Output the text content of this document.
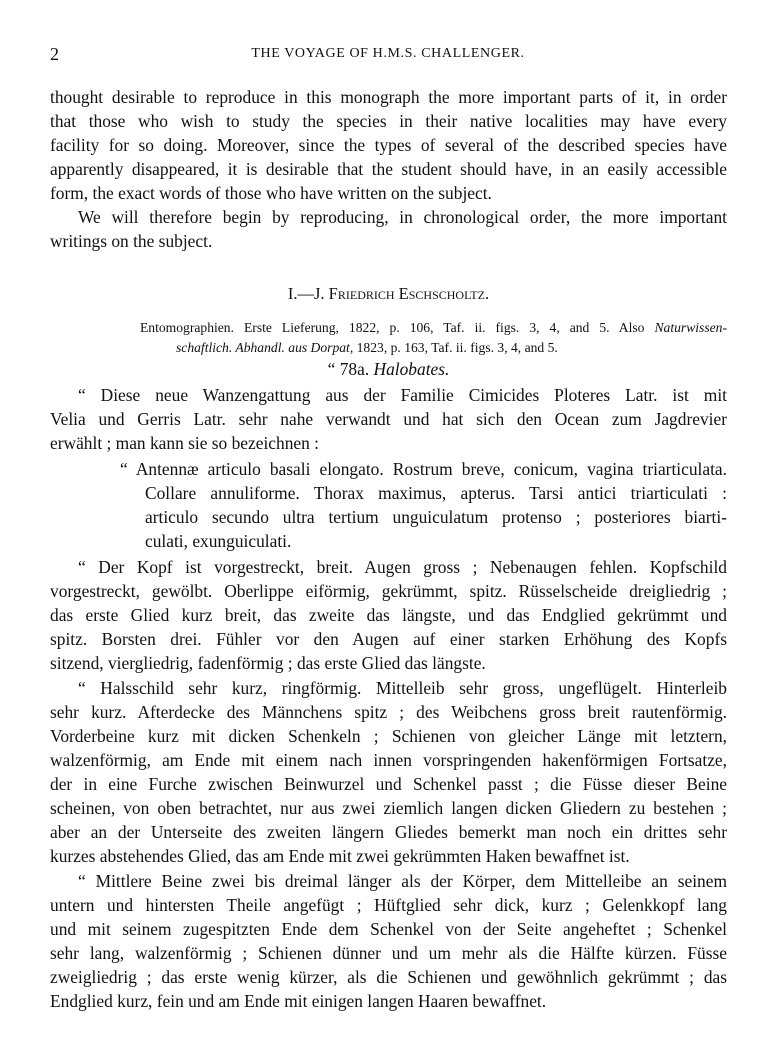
2	THE VOYAGE OF H.M.S. CHALLENGER.
thought desirable to reproduce in this monograph the more important parts of it, in order
that those who wish to study the species in their native localities may have every
facility for so doing. Moreover, since the types of several of the described species have
apparently disappeared, it is desirable that the student should have, in an easily accessible
form, the exact words of those who have written on the subject.
We will therefore begin by reproducing, in chronological order, the more important
writings on the subject.
I.—J. Friedrich Eschscholtz.
Entomographien. Erste Lieferung, 1822, p. 106, Taf. ii. figs. 3, 4, and 5. Also Naturwissen-
schaftlich. Abhandl. aus Dorpat, 1823, p. 163, Taf. ii. figs. 3, 4, and 5.
“ 78a. Halobates.
“ Diese neue Wanzengattung aus der Familie Cimicides Ploteres Latr. ist mit
Velia und Gerris Latr. sehr nahe verwandt und hat sich den Ocean zum Jagdrevier
erwählt ; man kann sie so bezeichnen :
“ Antennæ articulo basali elongato. Rostrum breve, conicum, vagina triarticulata.
Collare annuliforme. Thorax maximus, apterus. Tarsi antici triarticulati :
articulo secundo ultra tertium unguiculatum protenso ; posteriores biarti-
culati, exunguiculati.
“ Der Kopf ist vorgestreckt, breit. Augen gross ; Nebenaugen fehlen. Kopfschild
vorgestreckt, gewölbt. Oberlippe eiförmig, gekrümmt, spitz. Rüsselscheide dreigliedrig ;
das erste Glied kurz breit, das zweite das längste, und das Endglied gekrümmt und
spitz. Borsten drei. Fühler vor den Augen auf einer starken Erhöhung des Kopfs
sitzend, viergliedrig, fadenförmig ; das erste Glied das längste.
“ Halsschild sehr kurz, ringförmig. Mittelleib sehr gross, ungeflügelt. Hinterleib
sehr kurz. Afterdecke des Männchens spitz ; des Weibchens gross breit rautenförmig.
Vorderbeine kurz mit dicken Schenkeln ; Schienen von gleicher Länge mit letztern,
walzenförmig, am Ende mit einem nach innen vorspringenden hakenförmigen Fortsatze,
der in eine Furche zwischen Beinwurzel und Schenkel passt ; die Füsse dieser Beine
scheinen, von oben betrachtet, nur aus zwei ziemlich langen dicken Gliedern zu bestehen ;
aber an der Unterseite des zweiten längern Gliedes bemerkt man noch ein drittes sehr
kurzes abstehendes Glied, das am Ende mit zwei gekrümmten Haken bewaffnet ist.
“ Mittlere Beine zwei bis dreimal länger als der Körper, dem Mittelleibe an seinem
untern und hintersten Theile angefügt ; Hüftglied sehr dick, kurz ; Gelenkkopf lang
und mit seinem zugespitzten Ende dem Schenkel von der Seite angeheftet ; Schenkel
sehr lang, walzenförmig ; Schienen dünner und um mehr als die Hälfte kürzen. Füsse
zweigliedrig ; das erste wenig kürzer, als die Schienen und gewöhnlich gekrümmt ; das
Endglied kurz, fein und am Ende mit einigen langen Haaren bewaffnet.
